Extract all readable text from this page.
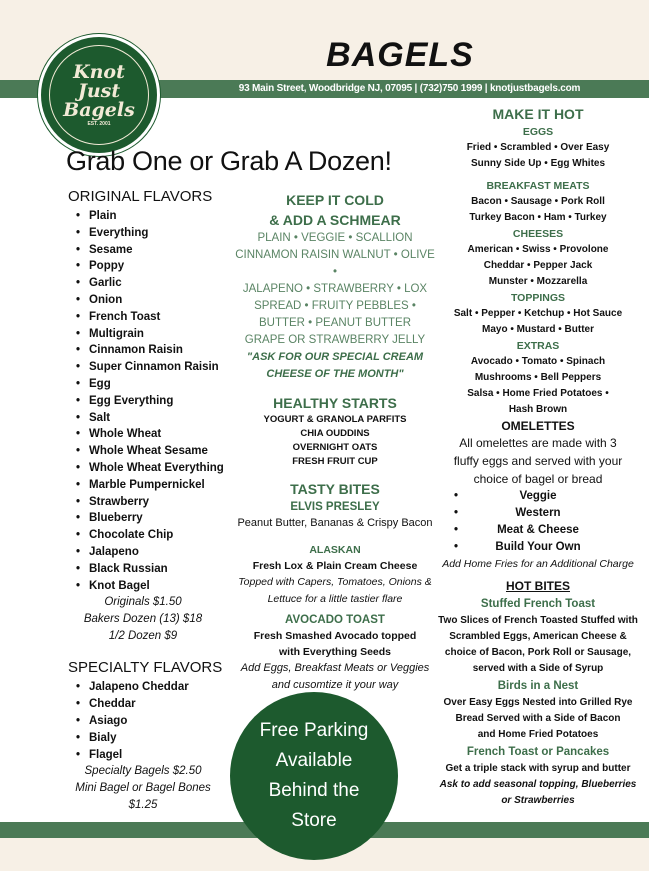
93 Main Street, Woodbridge NJ, 07095 | (732)750 1999 | knotjustbagels.com
BAGELS
Knot
Just
Bagels
EST. 2001
Grab One or Grab A Dozen!
ORIGINAL FLAVORS
• Plain
• Everything
• Sesame
• Poppy
• Garlic
• Onion
• French Toast
• Multigrain
• Cinnamon Raisin
• Super Cinnamon Raisin
• Egg
• Egg Everything
• Salt
• Whole Wheat
• Whole Wheat Sesame
• Whole Wheat Everything
• Marble Pumpernickel
• Strawberry
• Blueberry
• Chocolate Chip
• Jalapeno
• Black Russian
• Knot Bagel
Originals $1.50
Bakers Dozen (13) $18
1/2 Dozen $9
SPECIALTY FLAVORS
• Jalapeno Cheddar
• Cheddar
• Asiago
• Bialy
• Flagel
Specialty Bagels $2.50
Mini Bagel or Bagel Bones
$1.25
KEEP IT COLD
& ADD A SCHMEAR
PLAIN • VEGGIE • SCALLION
CINNAMON RAISIN WALNUT • OLIVE •
JALAPENO • STRAWBERRY • LOX
SPREAD • FRUITY PEBBLES •
BUTTER • PEANUT BUTTER
GRAPE OR STRAWBERRY JELLY
"ASK FOR OUR SPECIAL CREAM
CHEESE OF THE MONTH"
HEALTHY STARTS
YOGURT & GRANOLA PARFITS
CHIA OUDDINS
OVERNIGHT OATS
FRESH FRUIT CUP
TASTY BITES
ELVIS PRESLEY
Peanut Butter, Bananas & Crispy Bacon
ALASKAN
Fresh Lox & Plain Cream Cheese
Topped with Capers, Tomatoes, Onions &
Lettuce for a little tastier flare
AVOCADO TOAST
Fresh Smashed Avocado topped
with Everything Seeds
Add Eggs, Breakfast Meats or Veggies
and cusomtize it your way
MAKE IT HOT
EGGS
Fried • Scrambled • Over Easy
Sunny Side Up • Egg Whites
BREAKFAST MEATS
Bacon • Sausage • Pork Roll
Turkey Bacon • Ham • Turkey
CHEESES
American • Swiss • Provolone
Cheddar • Pepper Jack
Munster • Mozzarella
TOPPINGS
Salt • Pepper • Ketchup • Hot Sauce
Mayo • Mustard • Butter
EXTRAS
Avocado • Tomato • Spinach
Mushrooms • Bell Peppers
Salsa • Home Fried Potatoes •
Hash Brown
OMELETTES
All omelettes are made with 3
fluffy eggs and served with your
choice of bagel or bread
• Veggie
• Western
• Meat & Cheese
• Build Your Own
Add Home Fries for an Additional Charge
HOT BITES
Stuffed French Toast
Two Slices of French Toasted Stuffed with
Scrambled Eggs, American Cheese &
choice of Bacon, Pork Roll or Sausage,
served with a Side of Syrup
Birds in a Nest
Over Easy Eggs Nested into Grilled Rye
Bread Served with a Side of Bacon
and Home Fried Potatoes
French Toast or Pancakes
Get a triple stack with syrup and butter
Ask to add seasonal topping, Blueberries
or Strawberries
Free Parking
Available
Behind the
Store
